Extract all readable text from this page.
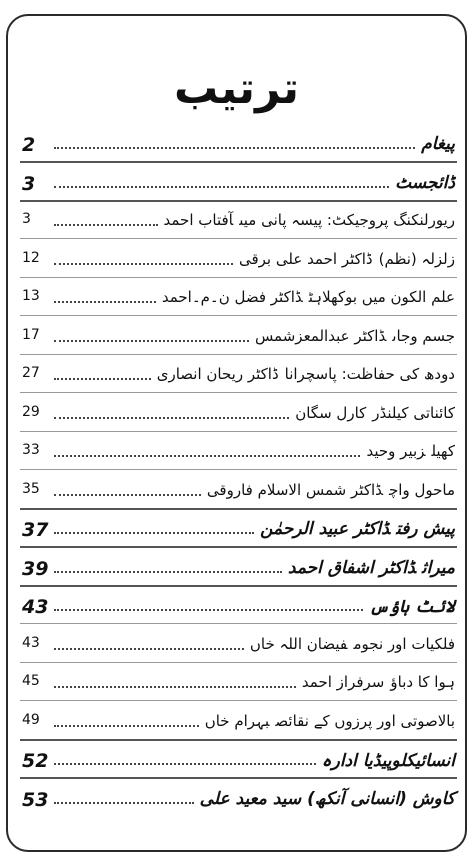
ترتیب
پیغام
2
ڈائجسٹ
3
ریورلنکنگ پروجیکٹ: پیسہ پانی میںآفتاب احمد
3
زلزلہ (نظم)ڈاکٹر احمد علی برقی
12
علم الکون میں بوکھلاہٹڈاکٹر فضل ن۔م۔احمد
13
جسم وجاںڈاکٹر عبدالمعزشمس
17
دودھ کی حفاظت: پاسچراناڈاکٹر ریحان انصاری
27
کائناتی کیلنڈرکارل سگان
29
کھیلزبیر وحید
33
ماحول واچڈاکٹر شمس الاسلام فاروقی
35
پیش رفتڈاکٹر عبید الرحمٰن
37
میراثڈاکٹر اشفاق احمد
39
لائٹ ہاؤس
43
فلکیات اور نجومفیضان اللہ خاں
43
ہوا کا دباؤسرفراز احمد
45
بالاصوتی اور پرزوں کے نقائصبہرام خاں
49
انسائیکلوپیڈیاادارہ
52
کاوش (انسانی آنکھ)سید معید علی
53
